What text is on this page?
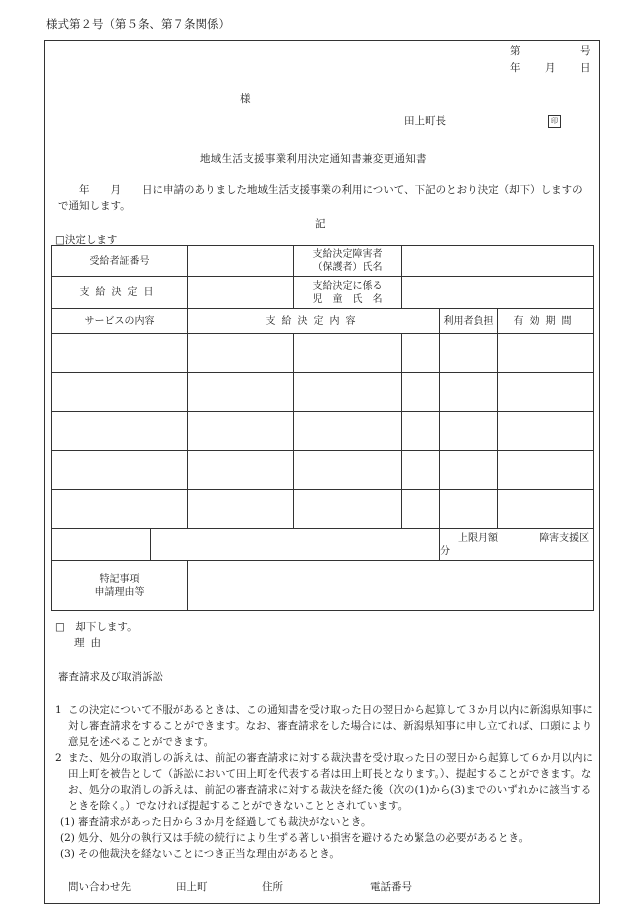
様式第２号（第５条、第７条関係）
第	号
年 月 日
様
田上町長	印
地域生活支援事業利用決定通知書兼変更通知書
　　年　　月　　日に申請のありました地域生活支援事業の利用について、下記のとおり決定（却下）しますので通知します。
記
□決定します
受給者証番号			支給決定障害者
（保護者）氏名			
支給決定日			支給決定に係る
児　童　氏　名			
サービスの内容		支給決定内容			利用者負担	有効期間

					上限月額 障害支援区分	
特記事項
申請理由等						
□　却下します。
理由
審査請求及び取消訴訟
1 この決定について不服があるときは、この通知書を受け取った日の翌日から起算して３か月以内に新潟県知事に対し審査請求をすることができます。なお、審査請求をした場合には、新潟県知事に申し立てれば、口頭により意見を述べることができます。
2 また、処分の取消しの訴えは、前記の審査請求に対する裁決書を受け取った日の翌日から起算して６か月以内に田上町を被告として（訴訟において田上町を代表する者は田上町長となります。）、提起することができます。なお、処分の取消しの訴えは、前記の審査請求に対する裁決を経た後（次の(1)から(3)までのいずれかに該当するときを除く。）でなければ提起することができないこととされています。
(1) 審査請求があった日から３か月を経過しても裁決がないとき。
(2) 処分、処分の執行又は手続の続行により生ずる著しい損害を避けるため緊急の必要があるとき。
(3) その他裁決を経ないことにつき正当な理由があるとき。
問い合わせ先	田上町	住所	電話番号
